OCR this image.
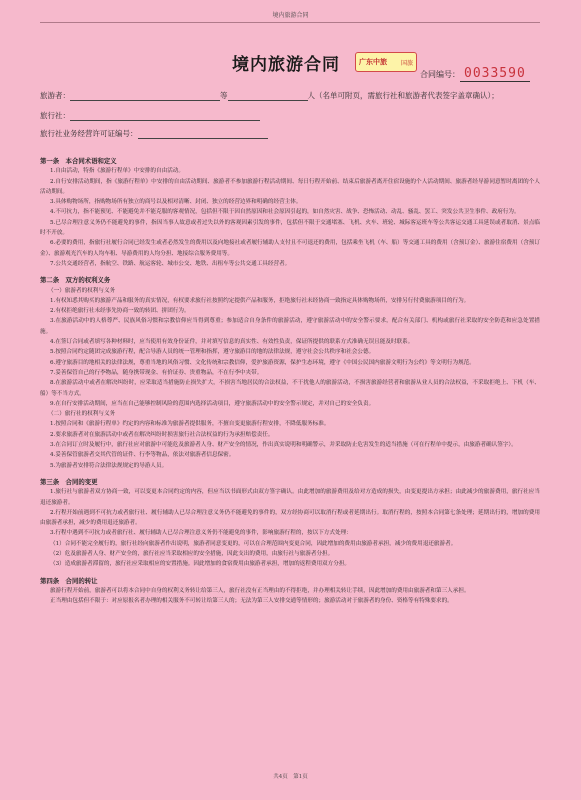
境内旅游合同
境内旅游合同	广东中旅 国旅
合同编号： 0033590
旅游者：	等	人（名单可附页，需旅行社和旅游者代表签字盖章确认）；
旅行社：
旅行社业务经营许可证编号：
第一条　本合同术语和定义
1.自由活动，特指《旅游行程单》中安排的自由活动。
2.自行安排活动期间，指《旅游行程单》中安排的自由活动期间、旅游者不参加旅游行程活动期间、每日行程开始前、结束后旅游者离开住宿设施的个人活动期间、旅游者经导游同意暂时离团的个人活动期间。
3.具体购物场所，指购物场所有独立的商号以及相对清晰、封闭、独立的经营边界和明确的经营主体。
4.不可抗力，指不能预见、不能避免并不能克服的客观情况，包括但不限于因自然原因和社会原因引起的，如自然灾害、战争、恐怖活动、动乱、骚乱、罢工、突发公共卫生事件、政府行为。
5.已尽合理注意义务仍不能避免的事件，指因当事人故意或者过失以外的客观因素引发的事件，包括但不限于交通堵塞、飞机、火车、班轮、城际客运班车等公共客运交通工具延误或者取消、景点临时不开放。
6.必要的费用，指旅行社履行合同已经发生或者必然发生的费用以及向地接社或者履行辅助人支付且不可退还的费用，包括乘坐飞机（车、船）等交通工具的费用（含预订金）、旅游住宿费用（含预订金）、旅游观光汽车的人均车租、导游费用的人均分担、地接综合服务费用等。
7.公共交通经营者，指航空、铁路、航运客轮、城市公交、地铁、出租车等公共交通工具经营者。
第二条　双方的权利义务
（一）旅游者的权利与义务
1.有权知悉其购买的旅游产品和服务的真实情况，有权要求旅行社按照约定提供产品和服务，拒绝旅行社未经协商一致指定具体购物场所，安排另行付费旅游项目的行为。
2.有权拒绝旅行社未经事先协商一致的转团、拼团行为。
3.在旅游活动中的人格尊严、民族风俗习惯和宗教信仰应当得到尊重；参加适合自身条件的旅游活动，遵守旅游活动中的安全警示要求，配合有关部门、机构或旅行社采取的安全防范和应急处置措施。
4.在签订合同或者填写各种材料时，应当使用有效身份证件，并对填写信息的真实性、有效性负责，保证所提供的联系方式准确无误且能及时联系。
5.按照合同约定随团完成旅游行程，配合导游人员的统一管理和指挥，遵守旅游目的地的法律法规，遵守社会公共秩序和社会公德。
6.遵守旅游目的地相关的法律法规，尊重当地的风俗习惯、文化传统和宗教信仰，爱护旅游资源，保护生态环境，遵守《中国公民国内旅游文明行为公约》等文明行为规范。
7.妥善保管自己的行李物品，随身携带现金、有价证券、贵重物品，不在行李中夹带。
8.在旅游活动中或者在解决纠纷时，应采取适当措施防止损失扩大，不损害当地居民的合法权益，不干扰他人的旅游活动，不损害旅游经营者和旅游从业人员的合法权益，不采取拒绝上、下机（车、船）等不当方式。
9.在自行安排活动期间，应当在自己能够控制风险的范围内选择活动项目，遵守旅游活动中的安全警示规定，并对自己的安全负责。
（二）旅行社的权利与义务
1.按照合同和《旅游行程单》约定的内容和标准为旅游者提供服务，不擅自变更旅游行程安排，不降低服务标准。
2.要求旅游者对在旅游活动中或者在解决纠纷时损害旅行社合法权益的行为承担赔偿责任。
3.在合同订立时及履行中，旅行社应对旅游中可能危及旅游者人身、财产安全的情况，作出真实说明和明确警示，并采取防止危害发生的适当措施（可在行程单中提示，由旅游者确认签字）。
4.妥善保管旅游者交其代管的证件、行李等物品，依法对旅游者信息保密。
5.为旅游者安排符合法律法规规定的导游人员。
第三条　合同的变更
1.旅行社与旅游者双方协商一致，可以变更本合同约定的内容，但应当以书面形式由双方签字确认。由此增加的旅游费用及给对方造成的损失，由变更提出方承担；由此减少的旅游费用，旅行社应当退还旅游者。
2.行程开始前遇到不可抗力或者旅行社、履行辅助人已尽合理注意义务仍不能避免的事件的，双方经协商可以取消行程或者延期出行。取消行程的，按照本合同第七条处理；延期出行的，增加的费用由旅游者承担，减少的费用退还旅游者。
3.行程中遇到不可抗力或者旅行社、履行辅助人已尽合理注意义务仍不能避免的事件，影响旅游行程的，按以下方式处理：
（1）合同不能完全履行的，旅行社经向旅游者作出说明，旅游者同意变更的，可以在合理范围内变更合同，因此增加的费用由旅游者承担，减少的费用退还旅游者。
（2）危及旅游者人身、财产安全的，旅行社应当采取相应的安全措施，因此支出的费用，由旅行社与旅游者分担。
（3）造成旅游者滞留的，旅行社应采取相应的安置措施。因此增加的食宿费用由旅游者承担，增加的返程费用双方分担。
第四条　合同的转让
旅游行程开始前，旅游者可以将本合同中自身的权利义务转让给第三人，旅行社没有正当理由的不得拒绝，并办理相关转让手续，因此增加的费用由旅游者和第三人承担。
正当理由包括但不限于：对应原报名者办理的相关服务不可转让给第三人的；无法为第三人安排交通等情形的；旅游活动对于旅游者的身份、资格等有特殊要求的。
共4页　第1页
